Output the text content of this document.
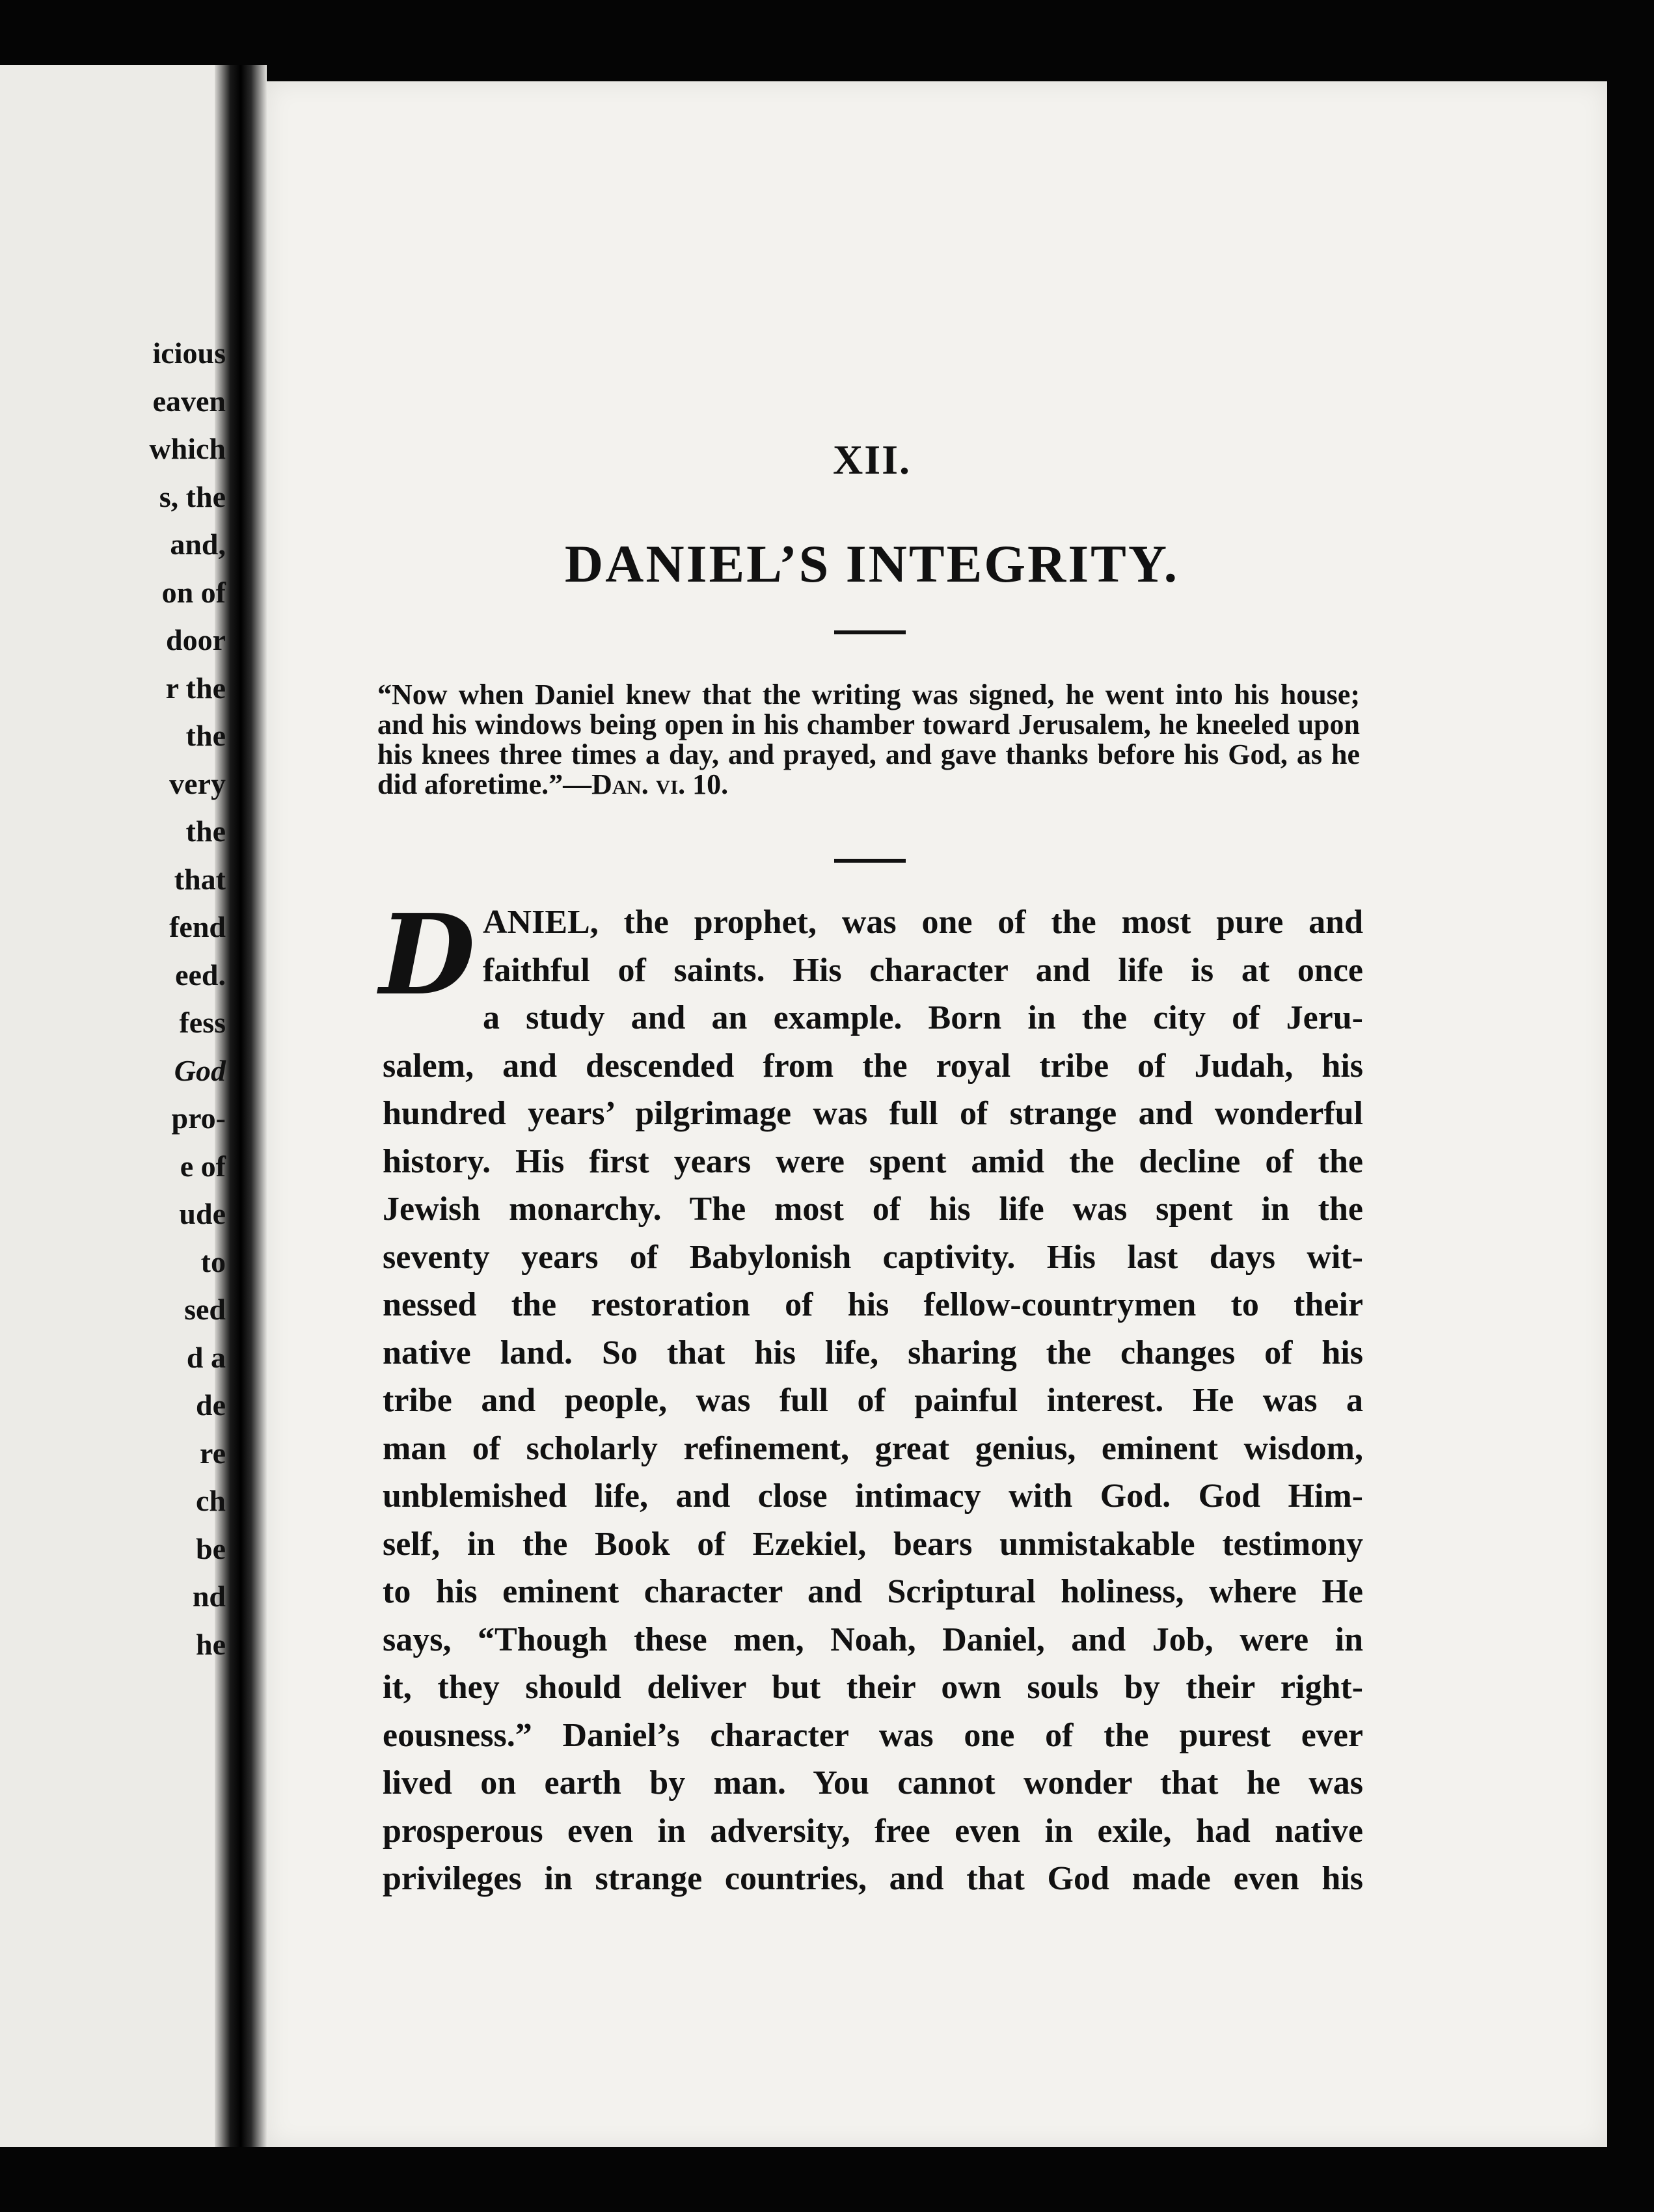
icious
eaven
which
s, the
and,
on of
door
r the
the
very
the
that
fend
eed.
fess
God
pro-
e of
ude
to
sed
d a
de
re
ch
be
nd
he
XII.
DANIEL’S INTEGRITY.
“Now when Daniel knew that the writing was signed, he went into his house; and his windows being open in his chamber toward Jerusalem, he kneeled upon his knees three times a day, and prayed, and gave thanks before his God, as he did aforetime.”—Dan. vi. 10.
D ANIEL, the prophet, was one of the most pure and
faithful of saints. His character and life is at once
a study and an example. Born in the city of Jeru-
salem, and descended from the royal tribe of Judah, his
hundred years’ pilgrimage was full of strange and wonderful
history. His first years were spent amid the decline of the
Jewish monarchy. The most of his life was spent in the
seventy years of Babylonish captivity. His last days wit-
nessed the restoration of his fellow-countrymen to their
native land. So that his life, sharing the changes of his
tribe and people, was full of painful interest. He was a
man of scholarly refinement, great genius, eminent wisdom,
unblemished life, and close intimacy with God. God Him-
self, in the Book of Ezekiel, bears unmistakable testimony
to his eminent character and Scriptural holiness, where He
says, “Though these men, Noah, Daniel, and Job, were in
it, they should deliver but their own souls by their right-
eousness.” Daniel’s character was one of the purest ever
lived on earth by man. You cannot wonder that he was
prosperous even in adversity, free even in exile, had native
privileges in strange countries, and that God made even his
